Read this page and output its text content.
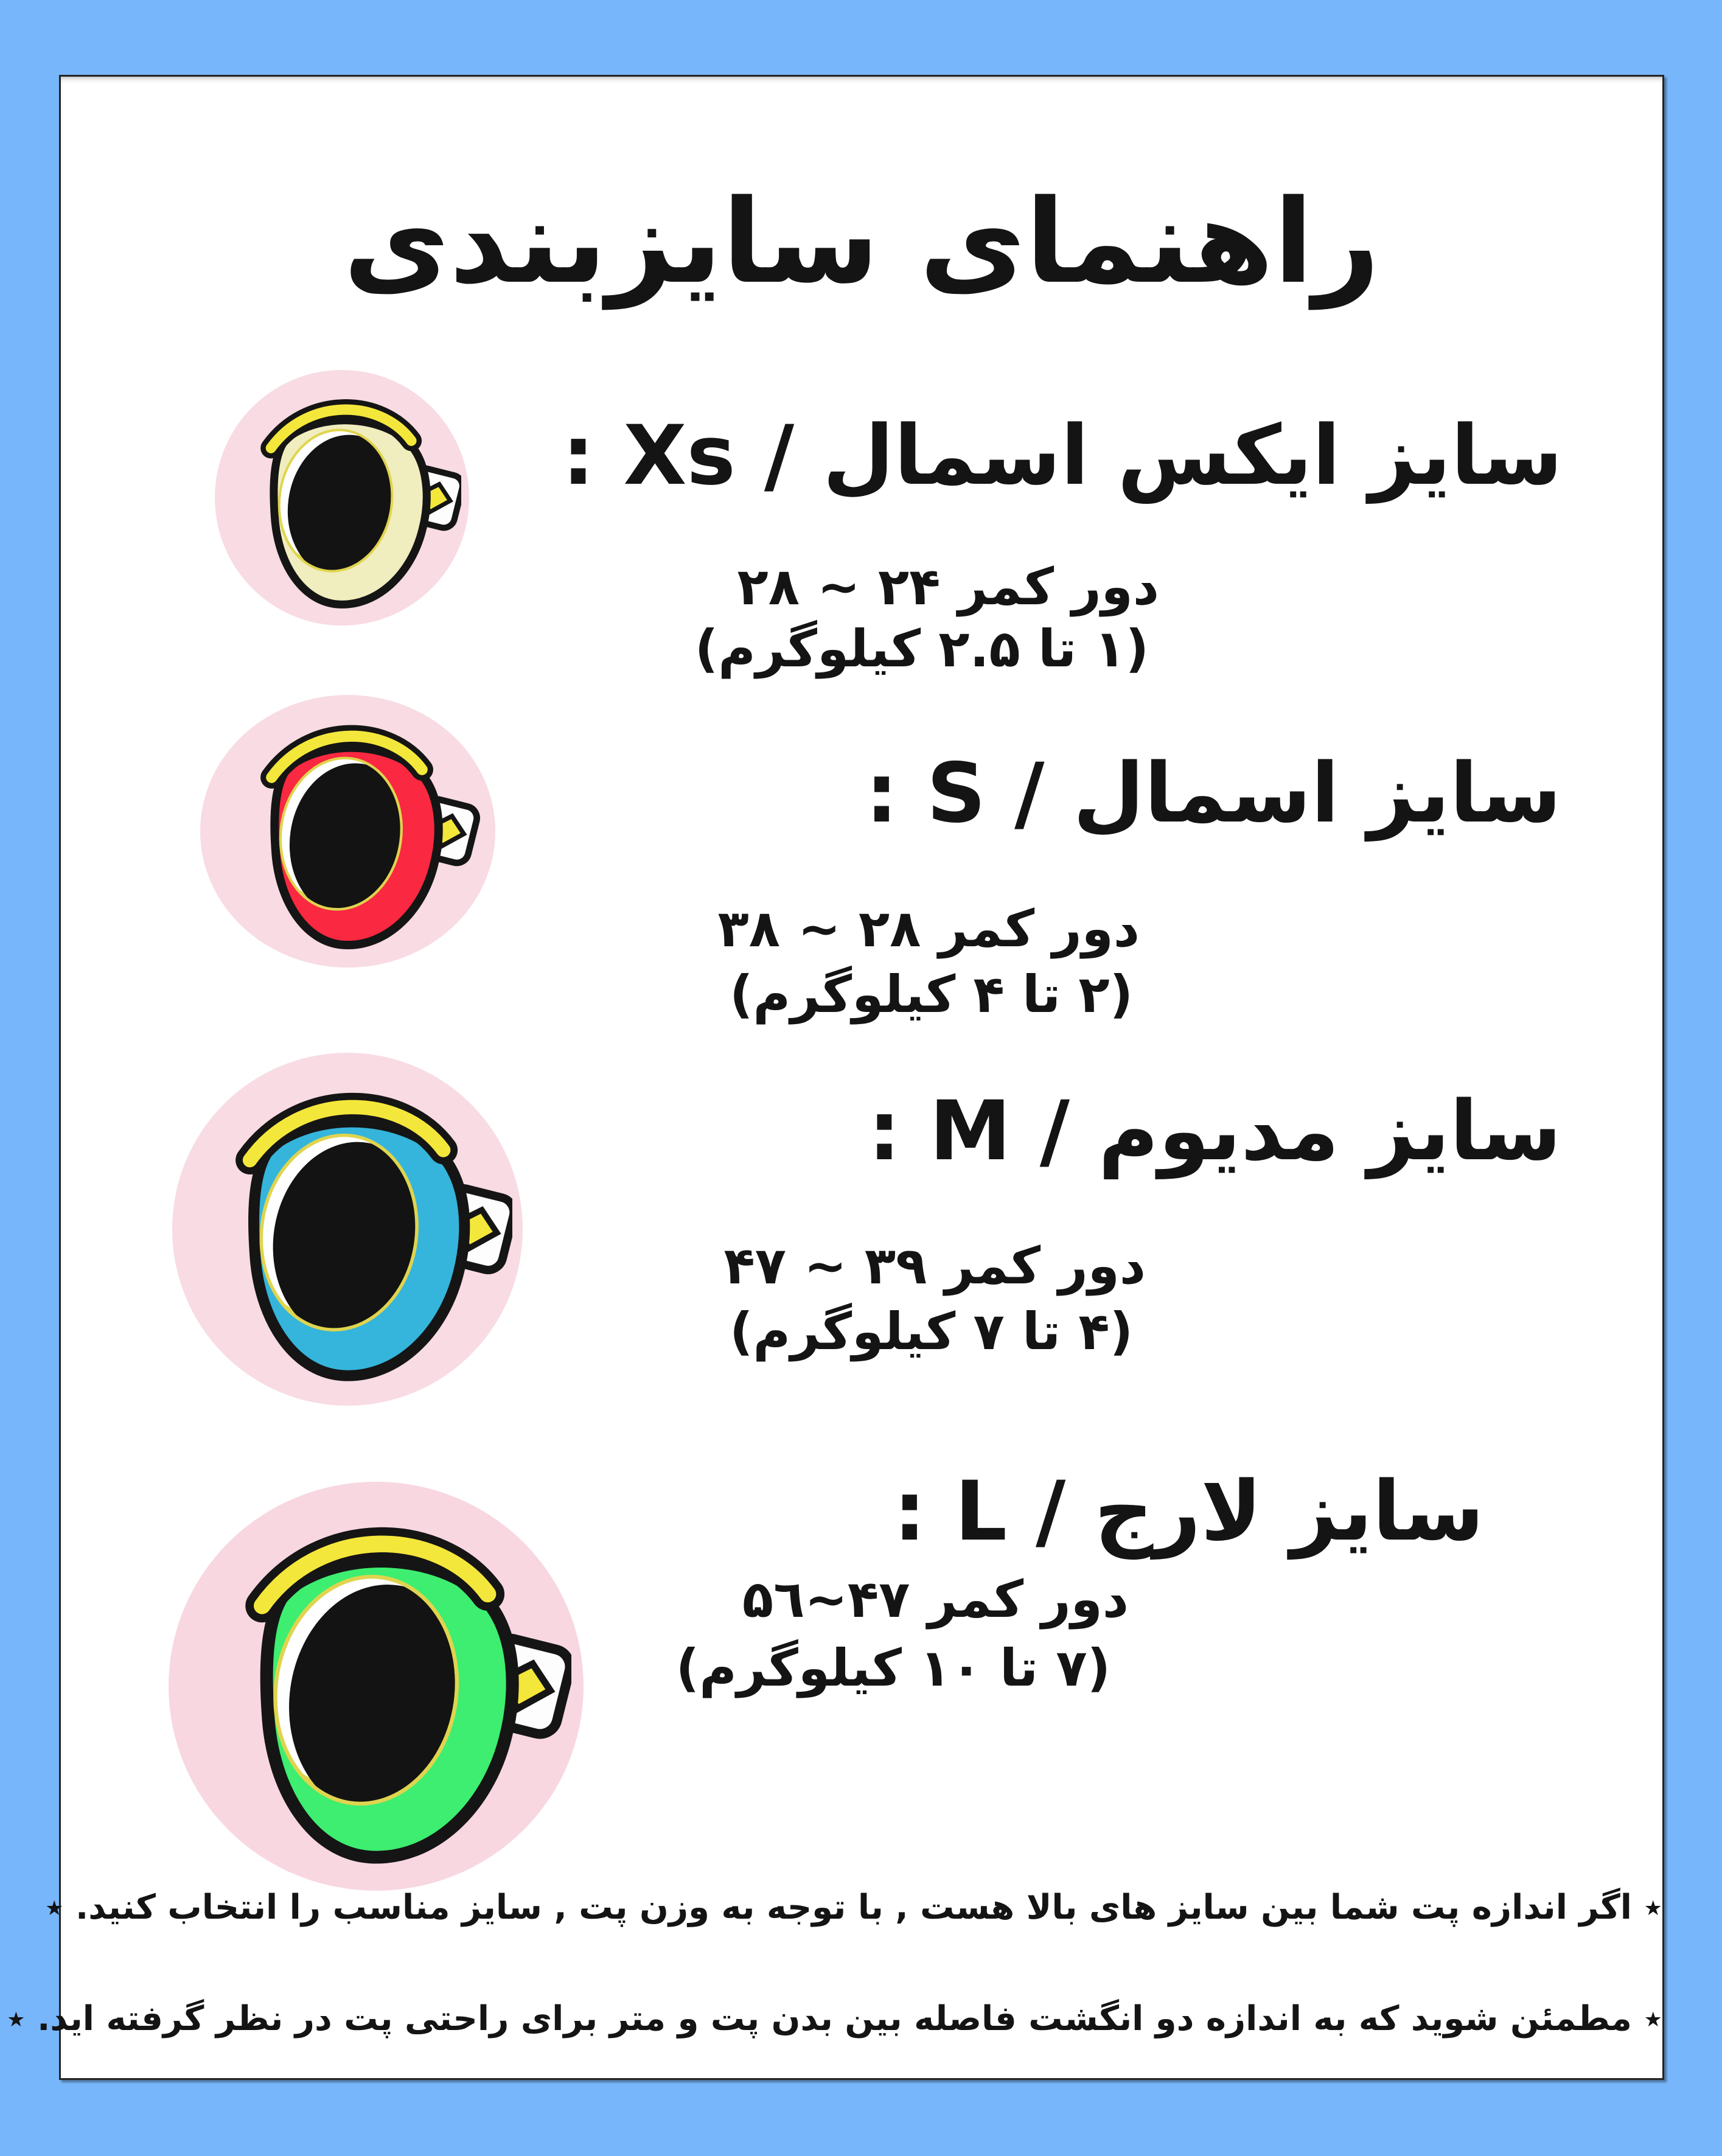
راهنمای سایزبندی
سایز ایکس اسمال / Xs :
دور کمر ۲۴ ~ ۲۸
(۱ تا ۲.۵ کیلوگرم)
سایز اسمال / S :
دور کمر ۲۸ ~ ۳۸
(۲ تا ۴ کیلوگرم)
سایز مدیوم / M :
دور کمر ۳۹ ~ ۴۷
(۴ تا ۷ کیلوگرم)
سایز لارج / L :
دور کمر ۴۷~۵٦
(۷ تا ۱۰ کیلوگرم)
٭ اگر اندازه پت شما بین سایز های بالا هست , با توجه به وزن پت , سایز مناسب را انتخاب کنید. ٭
٭ مطمئن شوید که به اندازه دو انگشت فاصله بین بدن پت و متر برای راحتی پت در نظر گرفته اید. ٭
